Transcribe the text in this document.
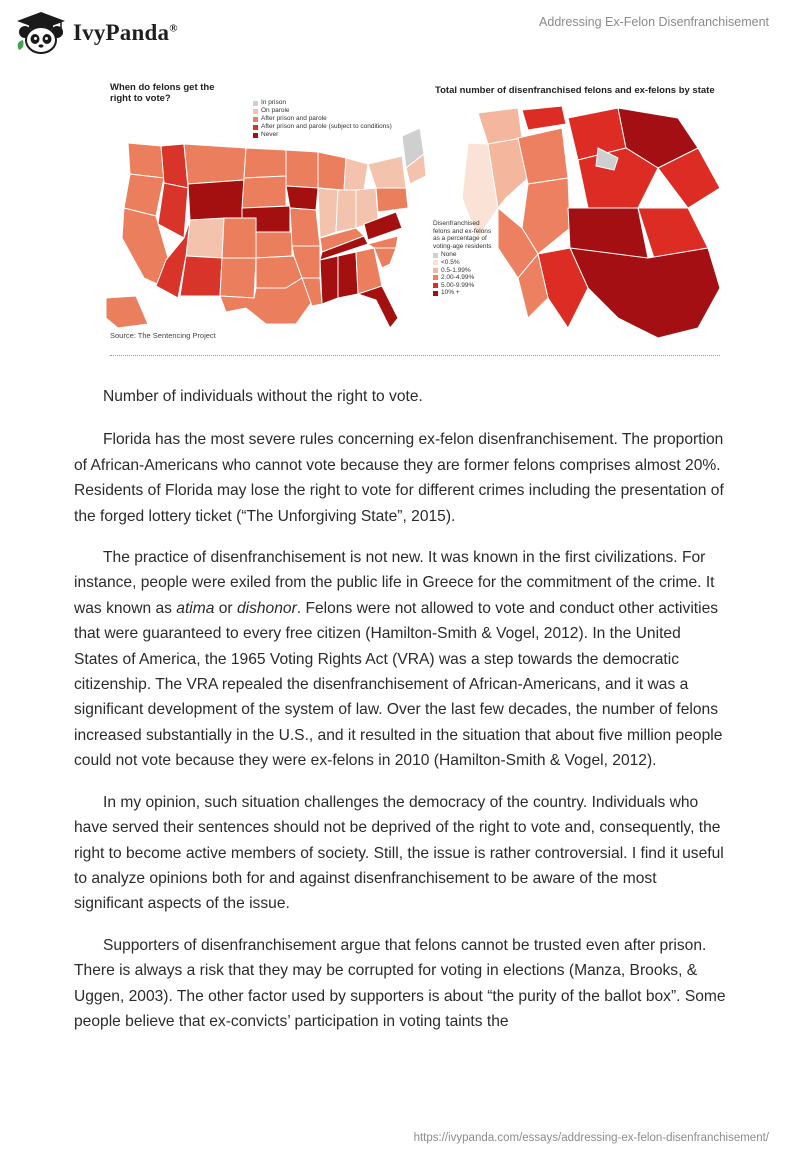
IvyPanda®	Addressing Ex-Felon Disenfranchisement
When do felons get the
right to vote?	In prison
On parole
After prison and parole
After prison and parole (subject to conditions)
Never
Total number of disenfranchised felons and ex-felons by state
Disenfranchised
felons and ex-felons
as a percentage of
voting-age residents
None
<0.5%
0.5-1.99%
2.00-4.99%
5.00-9.99%
10% +
Source: The Sentencing Project

Number of individuals without the right to vote.

Florida has the most severe rules concerning ex-felon disenfranchisement. The proportion of African-Americans who cannot vote because they are former felons comprises almost 20%. Residents of Florida may lose the right to vote for different crimes including the presentation of the forged lottery ticket (“The Unforgiving State”, 2015).

The practice of disenfranchisement is not new. It was known in the first civilizations. For instance, people were exiled from the public life in Greece for the commitment of the crime. It was known as atima or dishonor. Felons were not allowed to vote and conduct other activities that were guaranteed to every free citizen (Hamilton-Smith & Vogel, 2012). In the United States of America, the 1965 Voting Rights Act (VRA) was a step towards the democratic citizenship. The VRA repealed the disenfranchisement of African-Americans, and it was a significant development of the system of law. Over the last few decades, the number of felons increased substantially in the U.S., and it resulted in the situation that about five million people could not vote because they were ex-felons in 2010 (Hamilton-Smith & Vogel, 2012).

In my opinion, such situation challenges the democracy of the country. Individuals who have served their sentences should not be deprived of the right to vote and, consequently, the right to become active members of society. Still, the issue is rather controversial. I find it useful to analyze opinions both for and against disenfranchisement to be aware of the most significant aspects of the issue.

Supporters of disenfranchisement argue that felons cannot be trusted even after prison. There is always a risk that they may be corrupted for voting in elections (Manza, Brooks, & Uggen, 2003). The other factor used by supporters is about “the purity of the ballot box”. Some people believe that ex-convicts’ participation in voting taints the

https://ivypanda.com/essays/addressing-ex-felon-disenfranchisement/
